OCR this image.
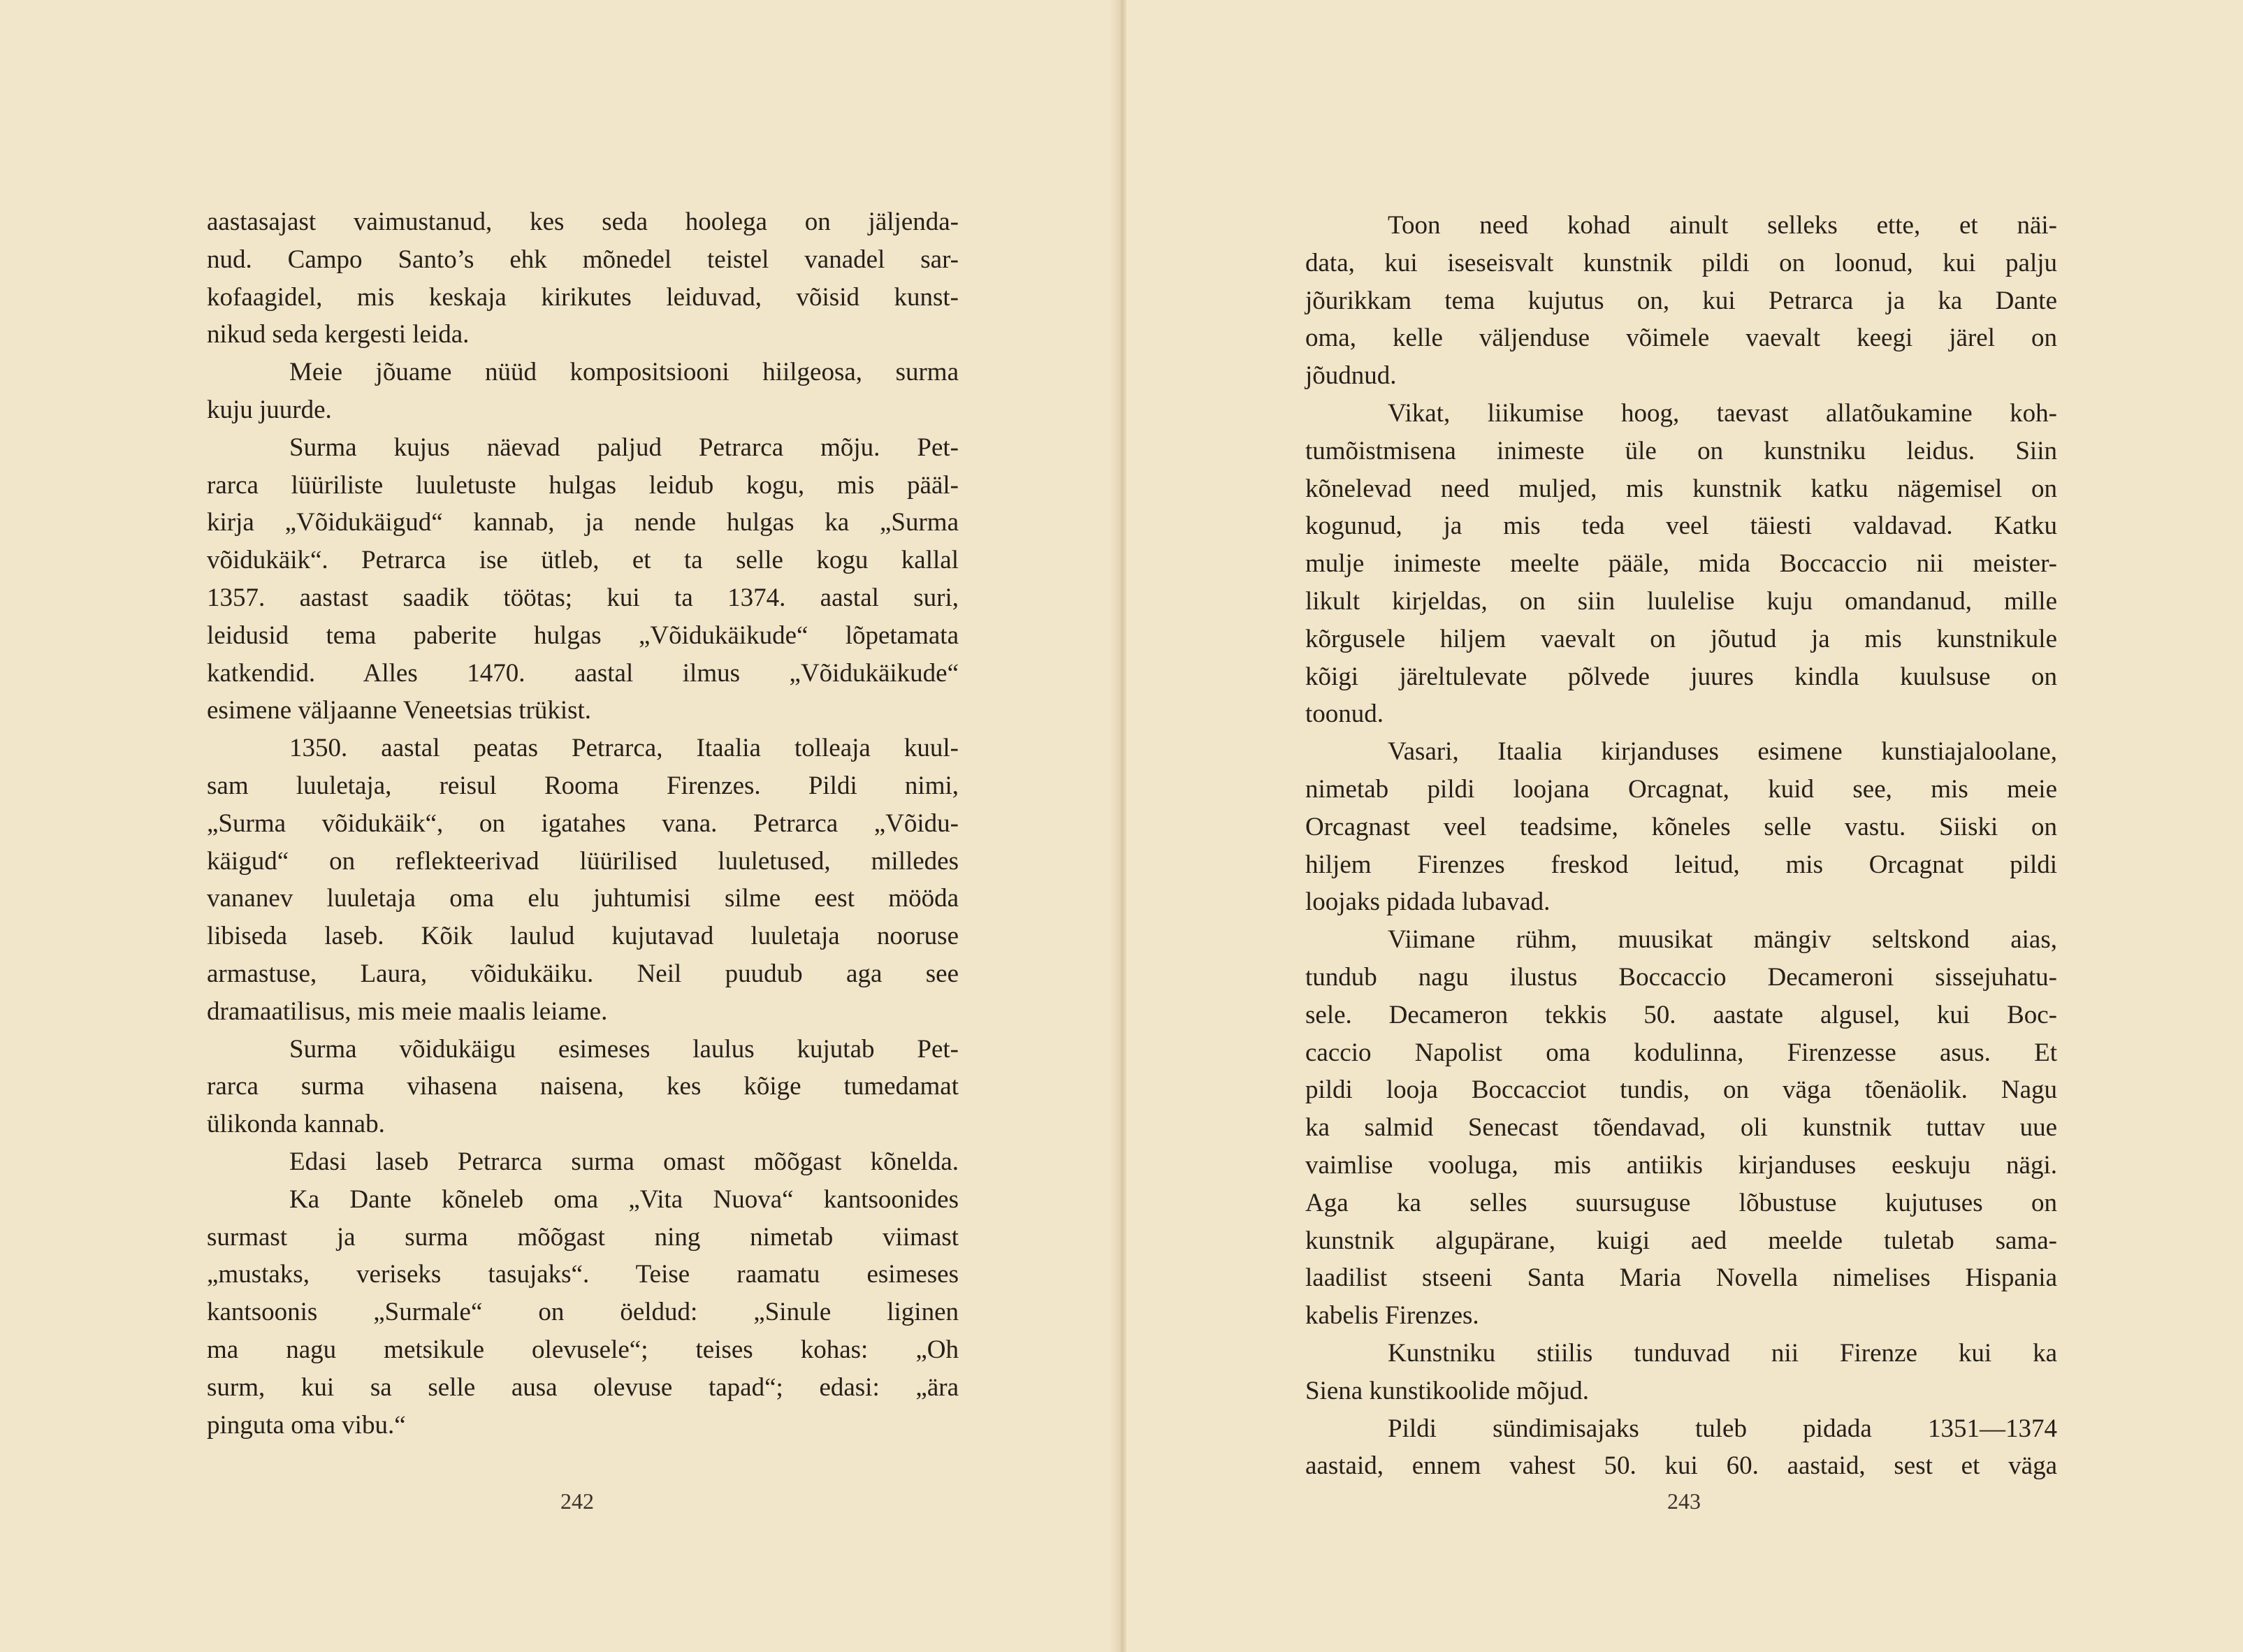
aastasajast vaimustanud, kes seda hoolega on jäljenda-
nud. Campo Santo’s ehk mõnedel teistel vanadel sar-
kofaagidel, mis keskaja kirikutes leiduvad, võisid kunst-
nikud seda kergesti leida.
Meie jõuame nüüd kompositsiooni hiilgeosa, surma
kuju juurde.
Surma kujus näevad paljud Petrarca mõju. Pet-
rarca lüüriliste luuletuste hulgas leidub kogu, mis pääl-
kirja „Võidukäigud“ kannab, ja nende hulgas ka „Surma
võidukäik“. Petrarca ise ütleb, et ta selle kogu kallal
1357. aastast saadik töötas; kui ta 1374. aastal suri,
leidusid tema paberite hulgas „Võidukäikude“ lõpetamata
katkendid. Alles 1470. aastal ilmus „Võidukäikude“
esimene väljaanne Veneetsias trükist.
1350. aastal peatas Petrarca, Itaalia tolleaja kuul-
sam luuletaja, reisul Rooma Firenzes. Pildi nimi,
„Surma võidukäik“, on igatahes vana. Petrarca „Võidu-
käigud“ on reflekteerivad lüürilised luuletused, milledes
vananev luuletaja oma elu juhtumisi silme eest mööda
libiseda laseb. Kõik laulud kujutavad luuletaja nooruse
armastuse, Laura, võidukäiku. Neil puudub aga see
dramaatilisus, mis meie maalis leiame.
Surma võidukäigu esimeses laulus kujutab Pet-
rarca surma vihasena naisena, kes kõige tumedamat
ülikonda kannab.
Edasi laseb Petrarca surma omast mõõgast kõnelda.
Ka Dante kõneleb oma „Vita Nuova“ kantsoonides
surmast ja surma mõõgast ning nimetab viimast
„mustaks, veriseks tasujaks“. Teise raamatu esimeses
kantsoonis „Surmale“ on öeldud: „Sinule liginen
ma nagu metsikule olevusele“; teises kohas: „Oh
surm, kui sa selle ausa olevuse tapad“; edasi: „ära
pinguta oma vibu.“
242	243
Toon need kohad ainult selleks ette, et näi-
data, kui iseseisvalt kunstnik pildi on loonud, kui palju
jõurikkam tema kujutus on, kui Petrarca ja ka Dante
oma, kelle väljenduse võimele vaevalt keegi järel on
jõudnud.
Vikat, liikumise hoog, taevast allatõukamine koh-
tumõistmisena inimeste üle on kunstniku leidus. Siin
kõnelevad need muljed, mis kunstnik katku nägemisel on
kogunud, ja mis teda veel täiesti valdavad. Katku
mulje inimeste meelte pääle, mida Boccaccio nii meister-
likult kirjeldas, on siin luulelise kuju omandanud, mille
kõrgusele hiljem vaevalt on jõutud ja mis kunstnikule
kõigi järeltulevate põlvede juures kindla kuulsuse on
toonud.
Vasari, Itaalia kirjanduses esimene kunstiajaloolane,
nimetab pildi loojana Orcagnat, kuid see, mis meie
Orcagnast veel teadsime, kõneles selle vastu. Siiski on
hiljem Firenzes freskod leitud, mis Orcagnat pildi
loojaks pidada lubavad.
Viimane rühm, muusikat mängiv seltskond aias,
tundub nagu ilustus Boccaccio Decameroni sissejuhatu-
sele. Decameron tekkis 50. aastate algusel, kui Boc-
caccio Napolist oma kodulinna, Firenzesse asus. Et
pildi looja Boccacciot tundis, on väga tõenäolik. Nagu
ka salmid Senecast tõendavad, oli kunstnik tuttav uue
vaimlise vooluga, mis antiikis kirjanduses eeskuju nägi.
Aga ka selles suursuguse lõbustuse kujutuses on
kunstnik algupärane, kuigi aed meelde tuletab sama-
laadilist stseeni Santa Maria Novella nimelises Hispania
kabelis Firenzes.
Kunstniku stiilis tunduvad nii Firenze kui ka
Siena kunstikoolide mõjud.
Pildi sündimisajaks tuleb pidada 1351—1374
aastaid, ennem vahest 50. kui 60. aastaid, sest et väga
